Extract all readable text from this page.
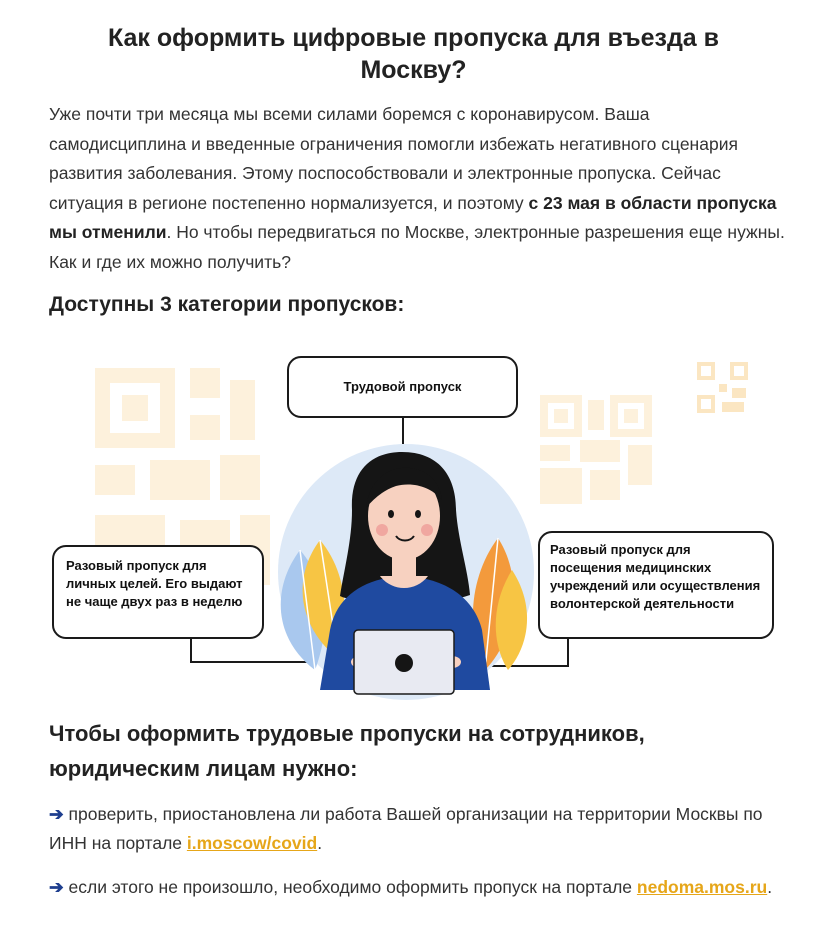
Как оформить цифровые пропуска для въезда в Москву?
Уже почти три месяца мы всеми силами боремся с коронавирусом. Ваша самодисциплина и введенные ограничения помогли избежать негативного сценария развития заболевания. Этому поспособствовали и электронные пропуска. Сейчас ситуация в регионе постепенно нормализуется, и поэтому с 23 мая в области пропуска мы отменили. Но чтобы передвигаться по Москве, электронные разрешения еще нужны. Как и где их можно получить?
Доступны 3 категории пропусков:
Трудовой пропуск
Разовый пропуск для личных целей. Его выдают не чаще двух раз в неделю
Разовый пропуск для посещения медицинских учреждений или осуществления волонтерской деятельности
Чтобы оформить трудовые пропуски на сотрудников, юридическим лицам нужно:
➔ проверить, приостановлена ли работа Вашей организации на территории Москвы по ИНН на портале i.moscow/covid.
➔ если этого не произошло, необходимо оформить пропуск на портале nedoma.mos.ru.
